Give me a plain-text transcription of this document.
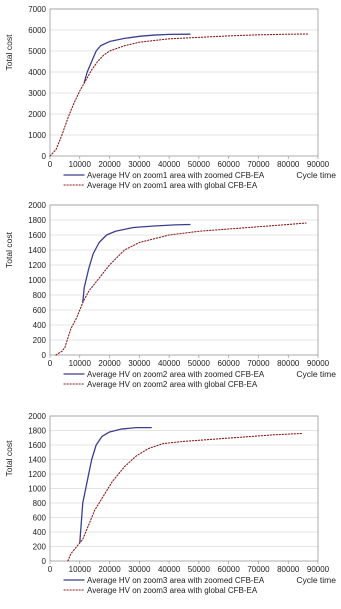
0
1000
2000
3000
4000
5000
6000
7000
0 10000 20000 30000 40000 50000 60000 70000 80000 90000
Total cost
Cycle time
Average HV on zoom1 area with zoomed CFB-EA
Average HV on zoom1 area with global CFB-EA
0
200
400
600
800
1000
1200
1400
1600
1800
2000
0 10000 20000 30000 40000 50000 60000 70000 80000 90000
Total cost
Cycle time
Average HV on zoom2 area with zoomed CFB-EA
Average HV on zoom2 area with global CFB-EA
0
200
400
600
800
1000
1200
1400
1600
1800
2000
0 10000 20000 30000 40000 50000 60000 70000 80000 90000
Total cost
Cycle time
Average HV on zoom3 area with zoomed CFB-EA
Average HV on zoom3 area with global CFB-EA
